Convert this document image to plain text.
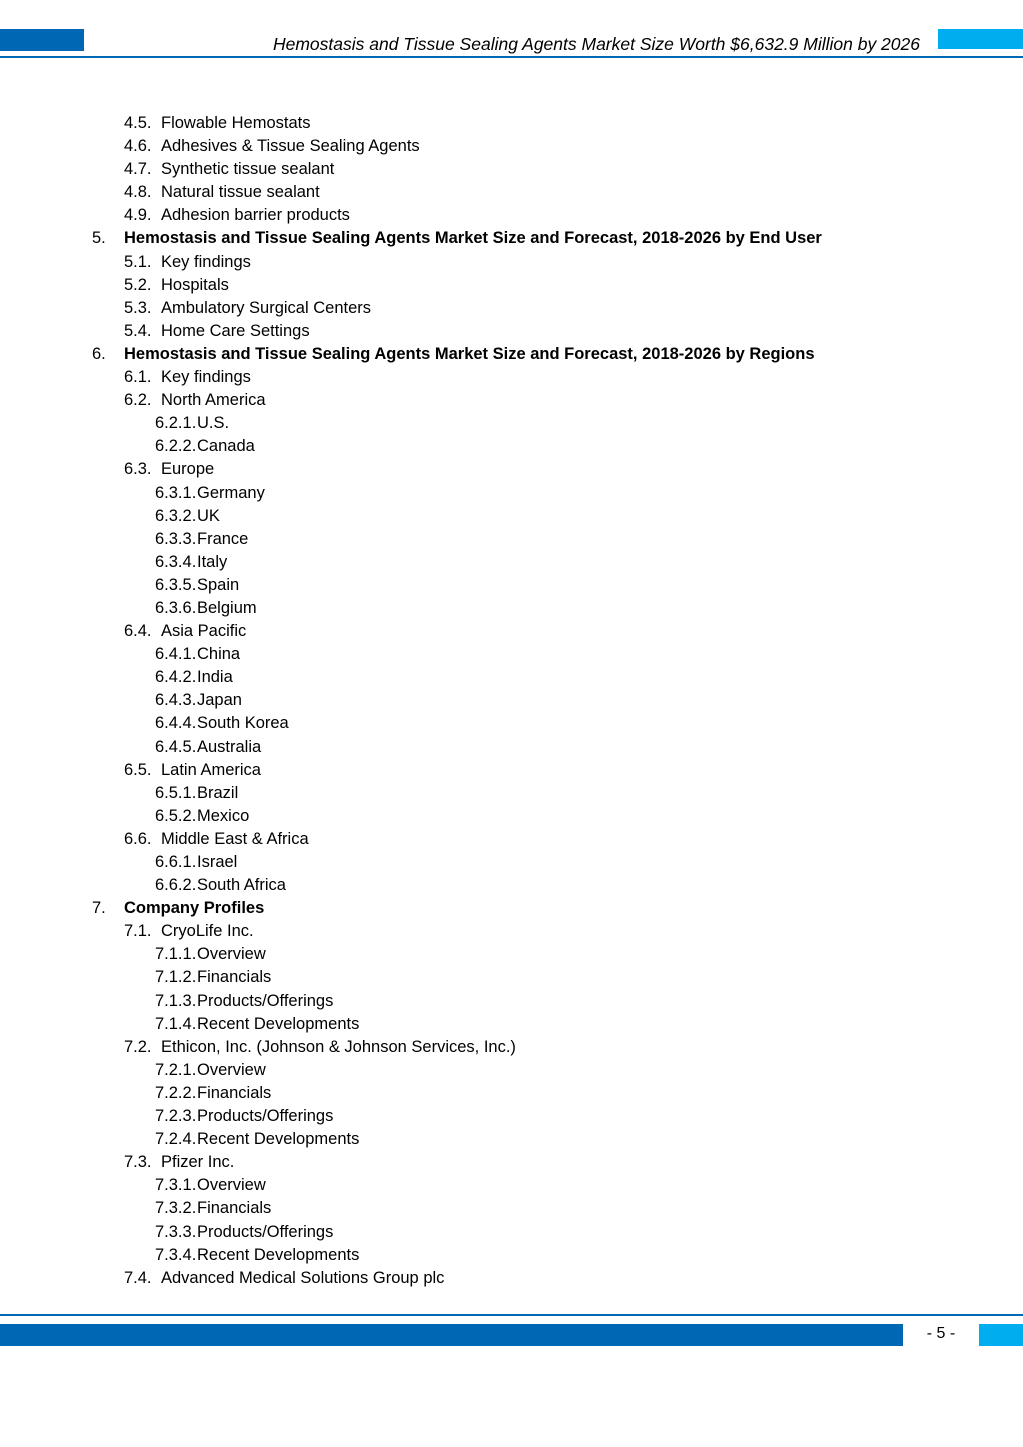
Hemostasis and Tissue Sealing Agents Market Size Worth $6,632.9 Million by 2026
4.5. Flowable Hemostats
4.6. Adhesives & Tissue Sealing Agents
4.7. Synthetic tissue sealant
4.8. Natural tissue sealant
4.9. Adhesion barrier products
5. Hemostasis and Tissue Sealing Agents Market Size and Forecast, 2018-2026 by End User
5.1. Key findings
5.2. Hospitals
5.3. Ambulatory Surgical Centers
5.4. Home Care Settings
6. Hemostasis and Tissue Sealing Agents Market Size and Forecast, 2018-2026 by Regions
6.1. Key findings
6.2. North America
6.2.1. U.S.
6.2.2. Canada
6.3. Europe
6.3.1. Germany
6.3.2. UK
6.3.3. France
6.3.4. Italy
6.3.5. Spain
6.3.6. Belgium
6.4. Asia Pacific
6.4.1. China
6.4.2. India
6.4.3. Japan
6.4.4. South Korea
6.4.5. Australia
6.5. Latin America
6.5.1. Brazil
6.5.2. Mexico
6.6. Middle East & Africa
6.6.1. Israel
6.6.2. South Africa
7. Company Profiles
7.1. CryoLife Inc.
7.1.1. Overview
7.1.2. Financials
7.1.3. Products/Offerings
7.1.4. Recent Developments
7.2. Ethicon, Inc. (Johnson & Johnson Services, Inc.)
7.2.1. Overview
7.2.2. Financials
7.2.3. Products/Offerings
7.2.4. Recent Developments
7.3. Pfizer Inc.
7.3.1. Overview
7.3.2. Financials
7.3.3. Products/Offerings
7.3.4. Recent Developments
7.4. Advanced Medical Solutions Group plc
- 5 -
